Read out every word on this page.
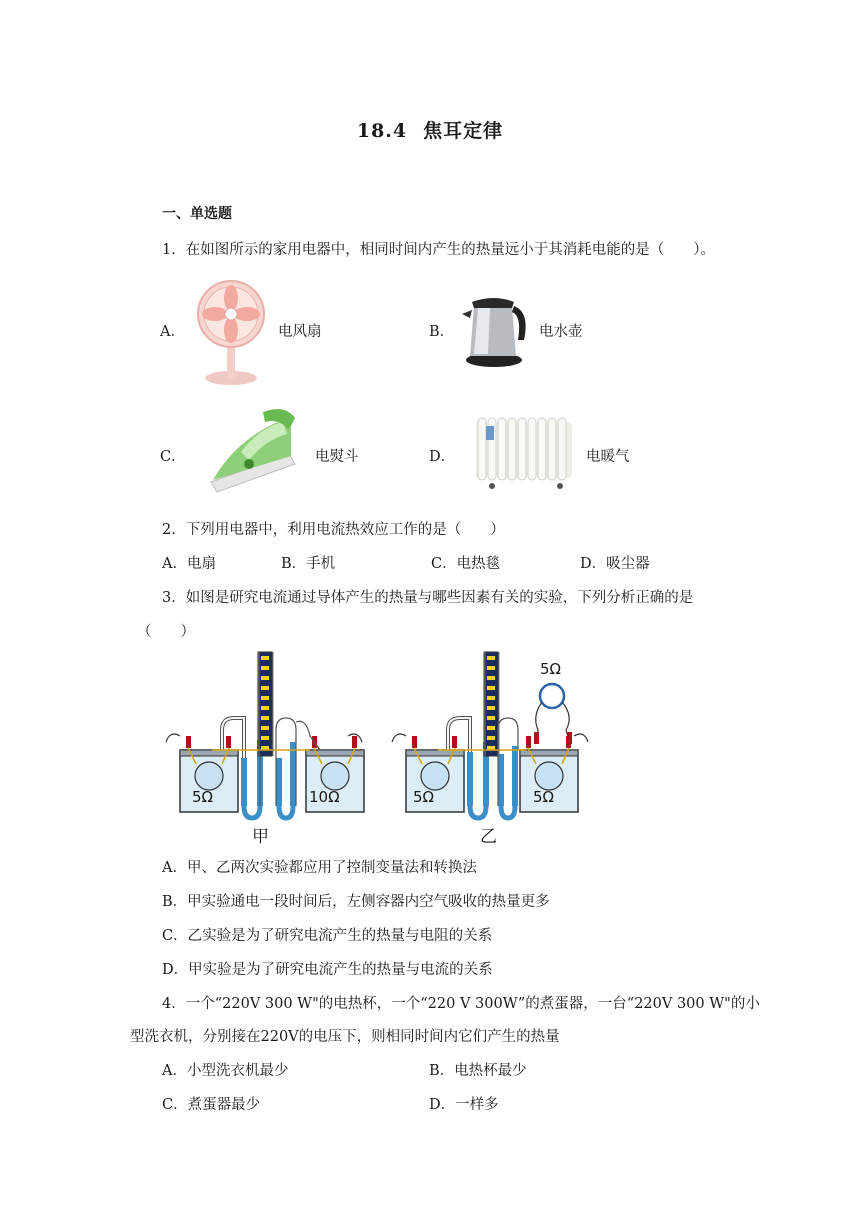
18.4 焦耳定律
一、单选题
1．在如图所示的家用电器中，相同时间内产生的热量远小于其消耗电能的是（　　）。
A．	电风扇	B．	电水壶
C．	电熨斗	D．	电暖气
2．下列用电器中，利用电流热效应工作的是（　　）
A．电扇	B．手机	C．电热毯	D．吸尘器
3．如图是研究电流通过导体产生的热量与哪些因素有关的实验，下列分析正确的是
（　　）
5Ω	10Ω
甲
5Ω	5Ω
5Ω
乙
A．甲、乙两次实验都应用了控制变量法和转换法
B．甲实验通电一段时间后，左侧容器内空气吸收的热量更多
C．乙实验是为了研究电流产生的热量与电阻的关系
D．甲实验是为了研究电流产生的热量与电流的关系
4．一个“220V 300 W"的电热杯，一个“220 V 300W”的煮蛋器，一台“220V 300 W"的小
型洗衣机，分别接在220V的电压下，则相同时间内它们产生的热量
A．小型洗衣机最少	B．电热杯最少
C．煮蛋器最少	D．一样多
